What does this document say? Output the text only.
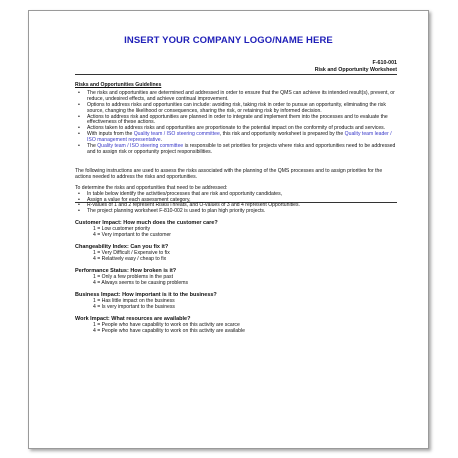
INSERT YOUR COMPANY LOGO/NAME HERE
F-610-001
Risk and Opportunity Worksheet
Risks and Opportunities Guidelines
• The risks and opportunities are determined and addressed in order to ensure that the QMS can achieve its intended result(s), prevent, or reduce, undesired effects, and achieve continual improvement.
• Options to address risks and opportunities can include: avoiding risk, taking risk in order to pursue an opportunity, eliminating the risk source, changing the likelihood or consequences, sharing the risk, or retaining risk by informed decision.
• Actions to address risk and opportunities are planned in order to integrate and implement them into the processes and to evaluate the effectiveness of these actions.
• Actions taken to address risks and opportunities are proportionate to the potential impact on the conformity of products and services.
• With inputs from the Quality team / ISO steering committee, this risk and opportunity worksheet is prepared by the Quality team leader / ISO management representative.
• The Quality team / ISO steering committee is responsible to set priorities for projects where risks and opportunities need to be addressed and to assign risk or opportunity project responsibilities.

The following instructions are used to assess the risks associated with the planning of the QMS processes and to assign priorities for the actions needed to address the risks and opportunities.

To determine the risks and opportunities that need to be addressed:

• In table below identify the activities/processes that are risk and opportunity candidates,
• Assign a value for each assessment category,
• R-values of 1 and 2 represent Risks/Threats, and O-values of 3 and 4 represent Opportunities.
• The project planning worksheet F-810-002 is used to plan high priority projects.
Customer Impact: How much does the customer care?
1 = Low customer priority
4 = Very important to the customer
Changeability Index: Can you fix it?
1 = Very Difficult / Expensive to fix
4 = Relatively easy / cheap to fix
Performance Status: How broken is it?
1 = Only a few problems in the past
4 = Always seems to be causing problems
Business Impact: How important is it to the business?
1 = Has little impact on the business
4 = Is very important to the business
Work Impact: What resources are available?
1 = People who have capability to work on this activity are scarce
4 = People who have capability to work on this activity are available
